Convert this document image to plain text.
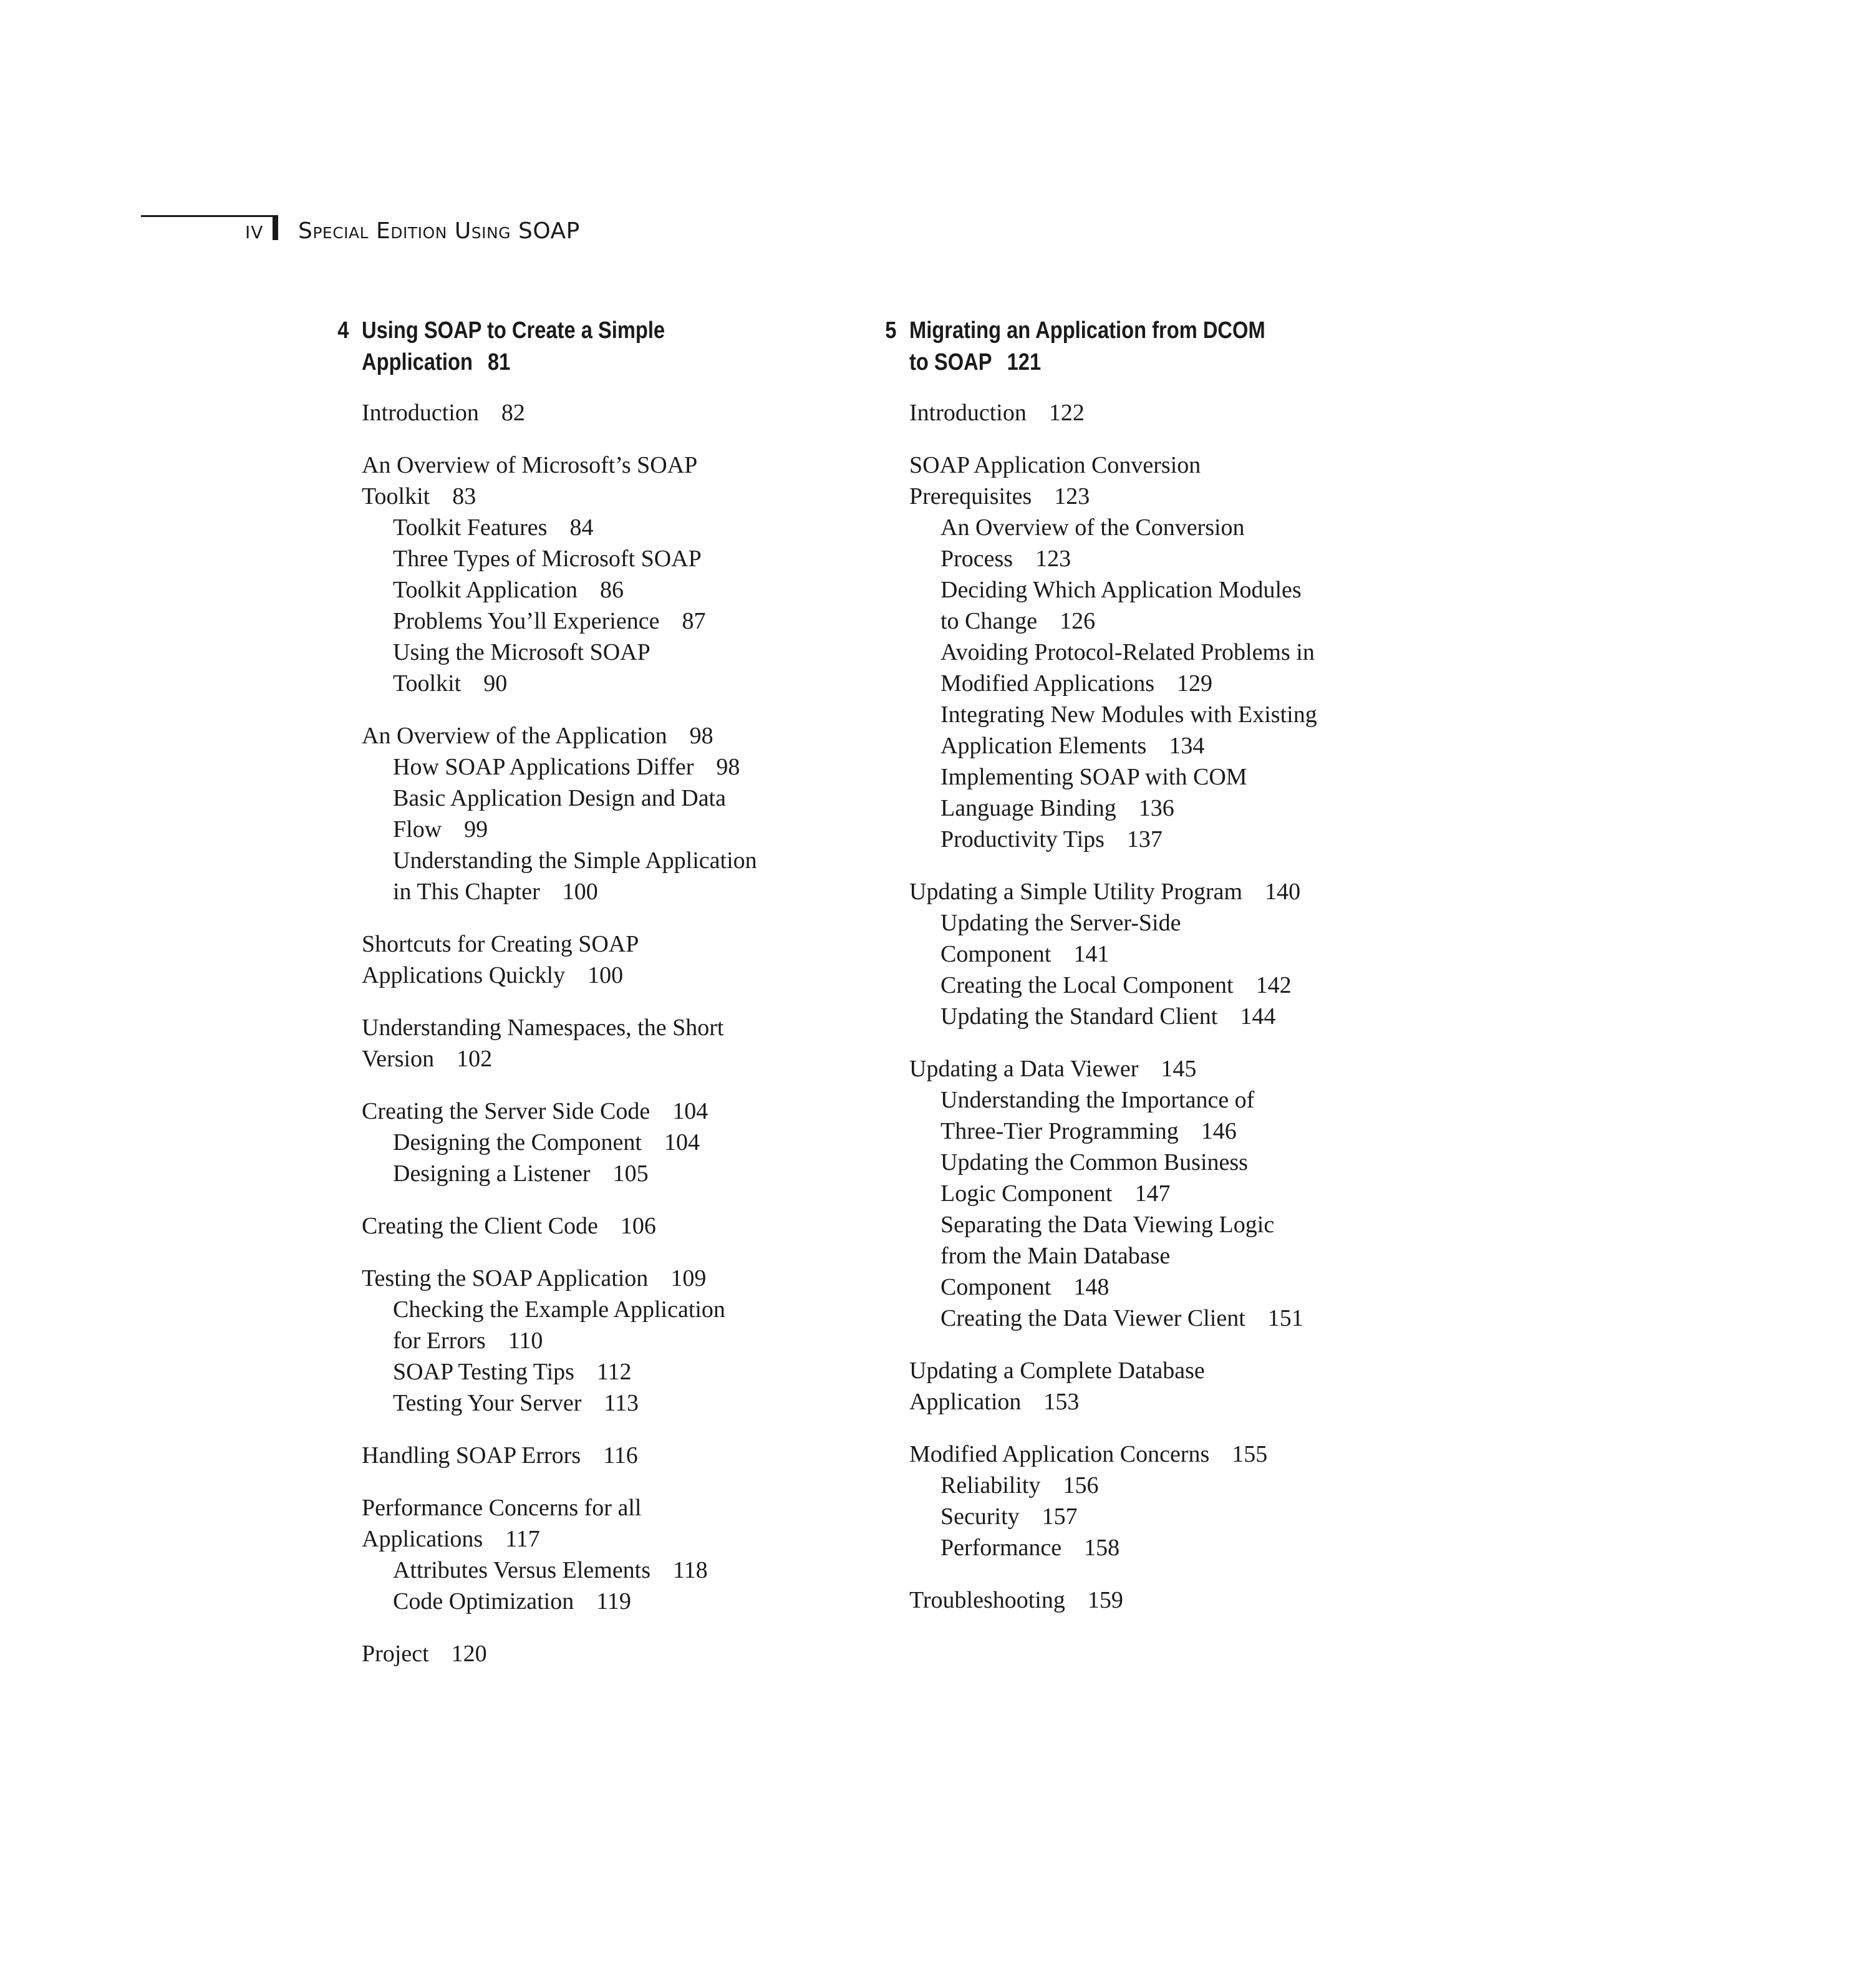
IV Special Edition Using SOAP
4 Using SOAP to Create a Simple
Application 81
Introduction 82
An Overview of Microsoft’s SOAP
Toolkit 83
Toolkit Features 84
Three Types of Microsoft SOAP
Toolkit Application 86
Problems You’ll Experience 87
Using the Microsoft SOAP
Toolkit 90
An Overview of the Application 98
How SOAP Applications Differ 98
Basic Application Design and Data
Flow 99
Understanding the Simple Application
in This Chapter 100
Shortcuts for Creating SOAP
Applications Quickly 100
Understanding Namespaces, the Short
Version 102
Creating the Server Side Code 104
Designing the Component 104
Designing a Listener 105
Creating the Client Code 106
Testing the SOAP Application 109
Checking the Example Application
for Errors 110
SOAP Testing Tips 112
Testing Your Server 113
Handling SOAP Errors 116
Performance Concerns for all
Applications 117
Attributes Versus Elements 118
Code Optimization 119
Project 120
5 Migrating an Application from DCOM
to SOAP 121
Introduction 122
SOAP Application Conversion
Prerequisites 123
An Overview of the Conversion
Process 123
Deciding Which Application Modules
to Change 126
Avoiding Protocol-Related Problems in
Modified Applications 129
Integrating New Modules with Existing
Application Elements 134
Implementing SOAP with COM
Language Binding 136
Productivity Tips 137
Updating a Simple Utility Program 140
Updating the Server-Side
Component 141
Creating the Local Component 142
Updating the Standard Client 144
Updating a Data Viewer 145
Understanding the Importance of
Three-Tier Programming 146
Updating the Common Business
Logic Component 147
Separating the Data Viewing Logic
from the Main Database
Component 148
Creating the Data Viewer Client 151
Updating a Complete Database
Application 153
Modified Application Concerns 155
Reliability 156
Security 157
Performance 158
Troubleshooting 159
